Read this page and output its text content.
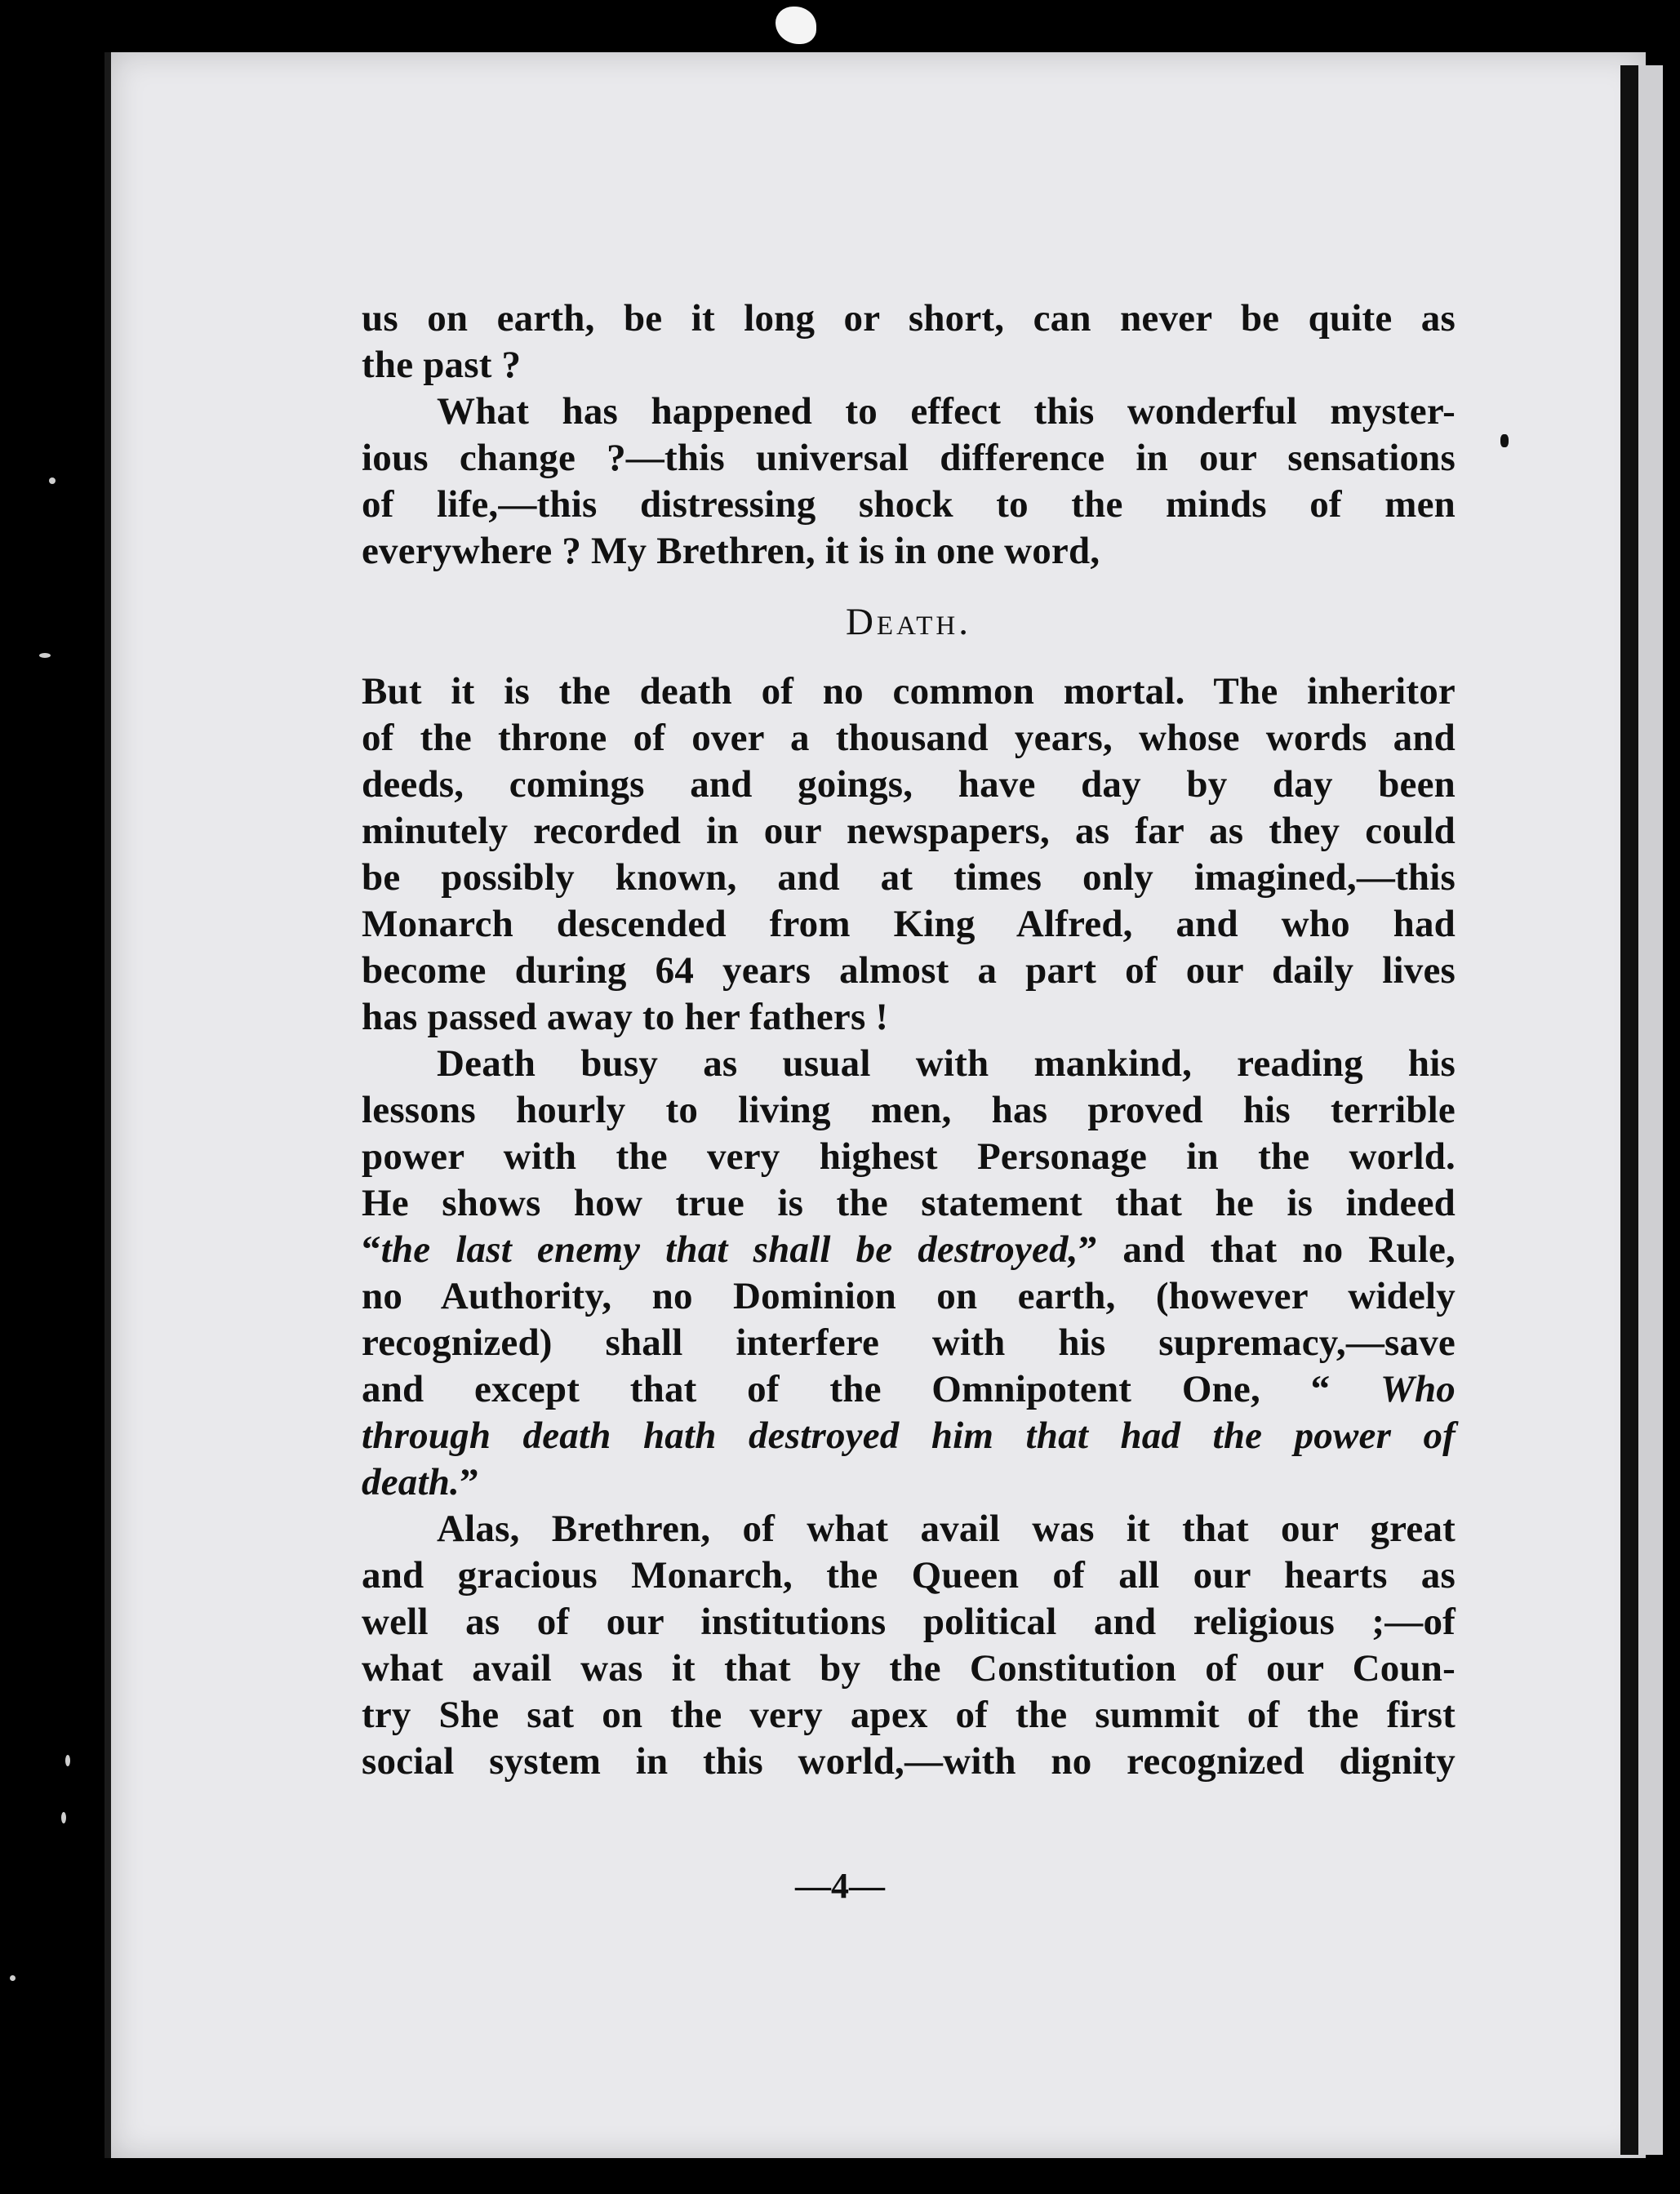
us on earth, be it long or short, can never be quite as

the past ?

What has happened to effect this wonderful myster-

ious change ?—this universal difference in our sensations

of life,—this distressing shock to the minds of men

everywhere ? My Brethren, it is in one word,

Death.

But it is the death of no common mortal. The inheritor

of the throne of over a thousand years, whose words and

deeds, comings and goings, have day by day been

minutely recorded in our newspapers, as far as they could

be possibly known, and at times only imagined,—this

Monarch descended from King Alfred, and who had

become during 64 years almost a part of our daily lives

has passed away to her fathers !

Death busy as usual with mankind, reading his

lessons hourly to living men, has proved his terrible

power with the very highest Personage in the world.

He shows how true is the statement that he is indeed

“the last enemy that shall be destroyed,” and that no Rule,

no Authority, no Dominion on earth, (however widely

recognized) shall interfere with his supremacy,—save

and except that of the Omnipotent One, “ Who

through death hath destroyed him that had the power of

death.”

Alas, Brethren, of what avail was it that our great

and gracious Monarch, the Queen of all our hearts as

well as of our institutions political and religious ;—of

what avail was it that by the Constitution of our Coun-

try She sat on the very apex of the summit of the first

social system in this world,—with no recognized dignity

—4—
